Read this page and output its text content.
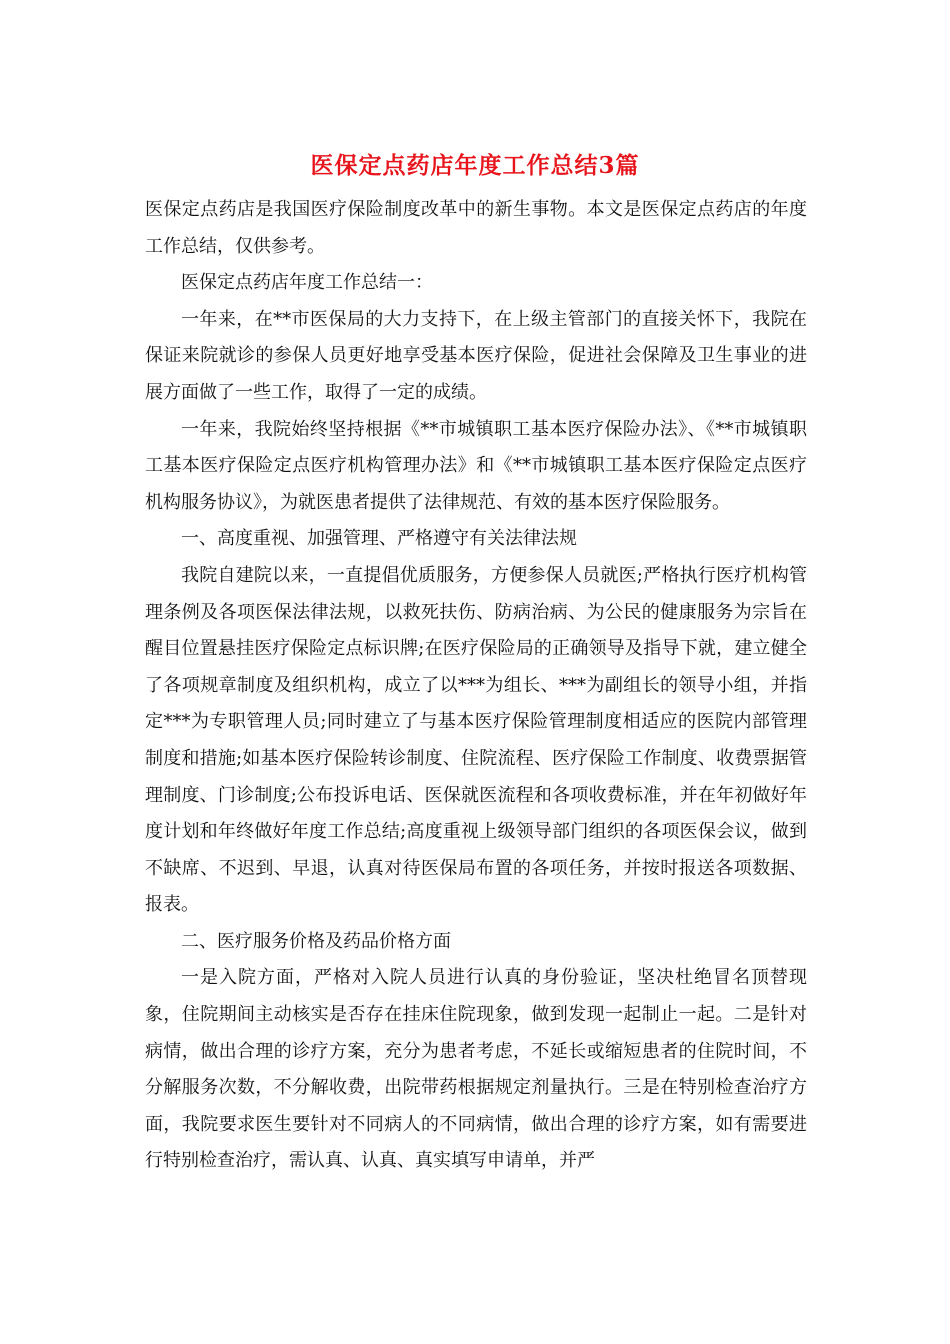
医保定点药店年度工作总结3篇

医保定点药店是我国医疗保险制度改革中的新生事物。本文是医保定点药店的年度工作总结，仅供参考。

医保定点药店年度工作总结一：

一年来，在**市医保局的大力支持下，在上级主管部门的直接关怀下，我院在保证来院就诊的参保人员更好地享受基本医疗保险，促进社会保障及卫生事业的进展方面做了一些工作，取得了一定的成绩。

一年来，我院始终坚持根据《**市城镇职工基本医疗保险办法》、《**市城镇职工基本医疗保险定点医疗机构管理办法》和《**市城镇职工基本医疗保险定点医疗机构服务协议》，为就医患者提供了法律规范、有效的基本医疗保险服务。

一、高度重视、加强管理、严格遵守有关法律法规

我院自建院以来，一直提倡优质服务，方便参保人员就医;严格执行医疗机构管理条例及各项医保法律法规，以救死扶伤、防病治病、为公民的健康服务为宗旨在醒目位置悬挂医疗保险定点标识牌;在医疗保险局的正确领导及指导下就，建立健全了各项规章制度及组织机构，成立了以***为组长、***为副组长的领导小组，并指定***为专职管理人员;同时建立了与基本医疗保险管理制度相适应的医院内部管理制度和措施;如基本医疗保险转诊制度、住院流程、医疗保险工作制度、收费票据管理制度、门诊制度;公布投诉电话、医保就医流程和各项收费标准，并在年初做好年度计划和年终做好年度工作总结;高度重视上级领导部门组织的各项医保会议，做到不缺席、不迟到、早退，认真对待医保局布置的各项任务，并按时报送各项数据、报表。

二、医疗服务价格及药品价格方面

一是入院方面，严格对入院人员进行认真的身份验证，坚决杜绝冒名顶替现象，住院期间主动核实是否存在挂床住院现象，做到发现一起制止一起。二是针对病情，做出合理的诊疗方案，充分为患者考虑，不延长或缩短患者的住院时间，不分解服务次数，不分解收费，出院带药根据规定剂量执行。三是在特别检查治疗方面，我院要求医生要针对不同病人的不同病情，做出合理的诊疗方案，如有需要进行特别检查治疗，需认真、认真、真实填写申请单，并严
